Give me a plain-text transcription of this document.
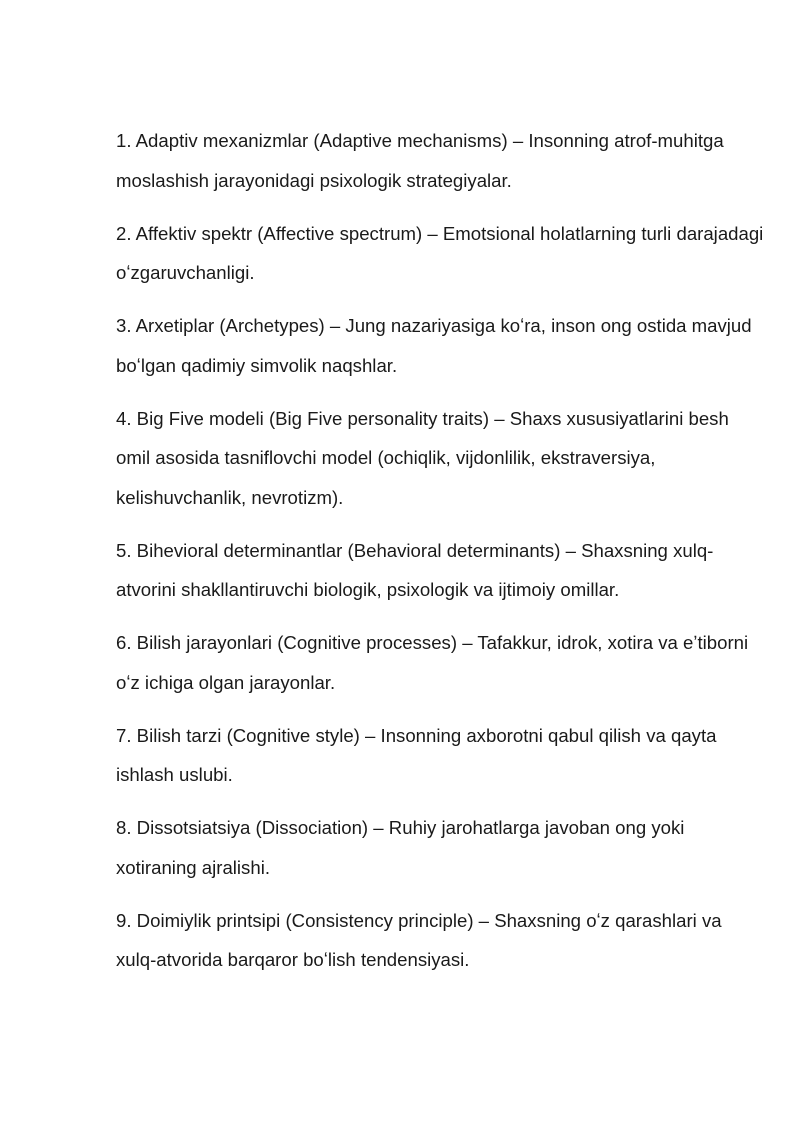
1. Adaptiv mexanizmlar (Adaptive mechanisms) – Insonning atrof-muhitga moslashish jarayonidagi psixologik strategiyalar.

2. Affektiv spektr (Affective spectrum) – Emotsional holatlarning turli darajadagi oʻzgaruvchanligi.

3. Arxetiplar (Archetypes) – Jung nazariyasiga koʻra, inson ong ostida mavjud boʻlgan qadimiy simvolik naqshlar.

4. Big Five modeli (Big Five personality traits) – Shaxs xususiyatlarini besh omil asosida tasniflovchi model (ochiqlik, vijdonlilik, ekstraversiya, kelishuvchanlik, nevrotizm).

5. Bihevioral determinantlar (Behavioral determinants) – Shaxsning xulq-atvorini shakllantiruvchi biologik, psixologik va ijtimoiy omillar.

6. Bilish jarayonlari (Cognitive processes) – Tafakkur, idrok, xotira va eʼtiborni oʻz ichiga olgan jarayonlar.

7. Bilish tarzi (Cognitive style) – Insonning axborotni qabul qilish va qayta ishlash uslubi.

8. Dissotsiatsiya (Dissociation) – Ruhiy jarohatlarga javoban ong yoki xotiraning ajralishi.

9. Doimiylik printsipi (Consistency principle) – Shaxsning oʻz qarashlari va xulq-atvorida barqaror boʻlish tendensiyasi.
